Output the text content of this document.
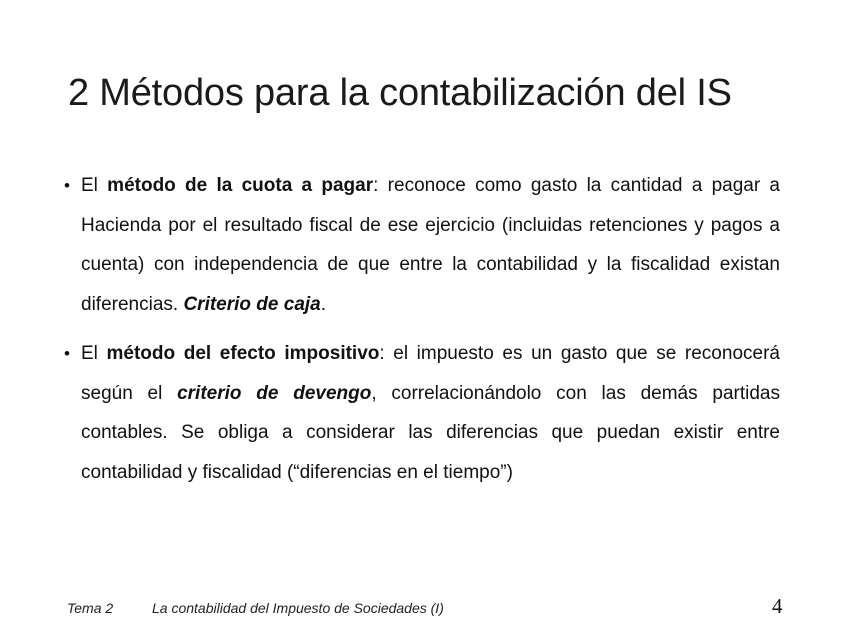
2 Métodos para la contabilización del IS
• El método de la cuota a pagar: reconoce como gasto la cantidad a pagar a Hacienda por el resultado fiscal de ese ejercicio (incluidas retenciones y pagos a cuenta) con independencia de que entre la contabilidad y la fiscalidad existan diferencias. Criterio de caja.
• El método del efecto impositivo: el impuesto es un gasto que se reconocerá según el criterio de devengo, correlacionándolo con las demás partidas contables. Se obliga a considerar las diferencias que puedan existir entre contabilidad y fiscalidad (“diferencias en el tiempo”)
Tema 2	La contabilidad del Impuesto de Sociedades (I)	4
